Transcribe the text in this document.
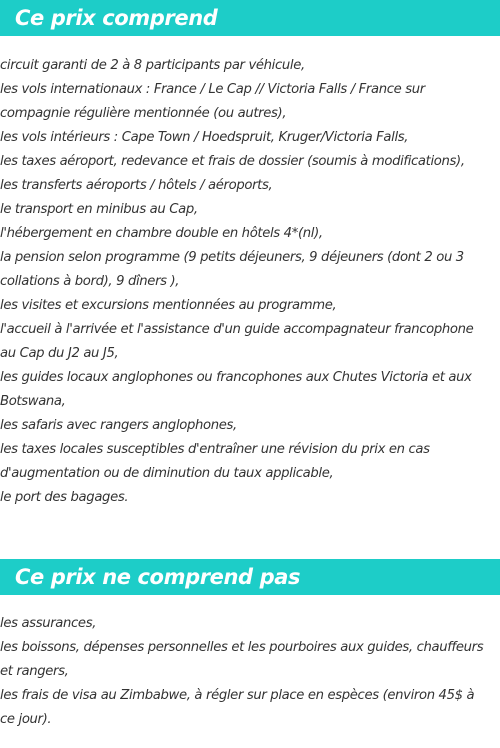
Ce prix comprend
circuit garanti de 2 à 8 participants par véhicule,
les vols internationaux : France / Le Cap // Victoria Falls / France sur compagnie régulière mentionnée (ou autres),
les vols intérieurs : Cape Town / Hoedspruit, Kruger/Victoria Falls,
les taxes aéroport, redevance et frais de dossier (soumis à modifications),
les transferts aéroports / hôtels / aéroports,
le transport en minibus au Cap,
l'hébergement en chambre double en hôtels 4*(nl),
la pension selon programme (9 petits déjeuners, 9 déjeuners (dont 2 ou 3 collations à bord), 9 dîners ),
les visites et excursions mentionnées au programme,
l'accueil à l'arrivée et l'assistance d'un guide accompagnateur francophone au Cap du J2 au J5,
les guides locaux anglophones ou francophones aux Chutes Victoria et aux Botswana,
les safaris avec rangers anglophones,
les taxes locales susceptibles d'entraîner une révision du prix en cas d'augmentation ou de diminution du taux applicable,
le port des bagages.
Ce prix ne comprend pas
les assurances,
les boissons, dépenses personnelles et les pourboires aux guides, chauffeurs et rangers,
les frais de visa au Zimbabwe, à régler sur place en espèces (environ 45$ à ce jour).
